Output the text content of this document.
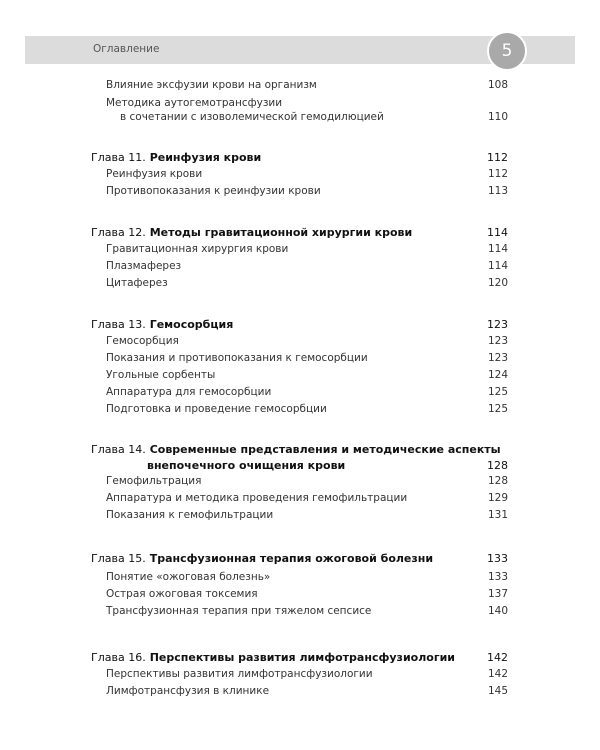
Оглавление	5
Влияние эксфузии крови на организм	108
Методика аутогемотрансфузии
в сочетании с изоволемической гемодилюцией	110
Глава 11. Реинфузия крови	112
Реинфузия крови	112
Противопоказания к реинфузии крови	113
Глава 12. Методы гравитационной хирургии крови	114
Гравитационная хирургия крови	114
Плазмаферез	114
Цитаферез	120
Глава 13. Гемосорбция	123
Гемосорбция	123
Показания и противопоказания к гемосорбции	123
Угольные сорбенты	124
Аппаратура для гемосорбции	125
Подготовка и проведение гемосорбции	125
Глава 14. Современные представления и методические аспекты
внепочечного очищения крови	128
Гемофильтрация	128
Аппаратура и методика проведения гемофильтрации	129
Показания к гемофильтрации	131
Глава 15. Трансфузионная терапия ожоговой болезни	133
Понятие «ожоговая болезнь»	133
Острая ожоговая токсемия	137
Трансфузионная терапия при тяжелом сепсисе	140
Глава 16. Перспективы развития лимфотрансфузиологии	142
Перспективы развития лимфотрансфузиологии	142
Лимфотрансфузия в клинике	145
